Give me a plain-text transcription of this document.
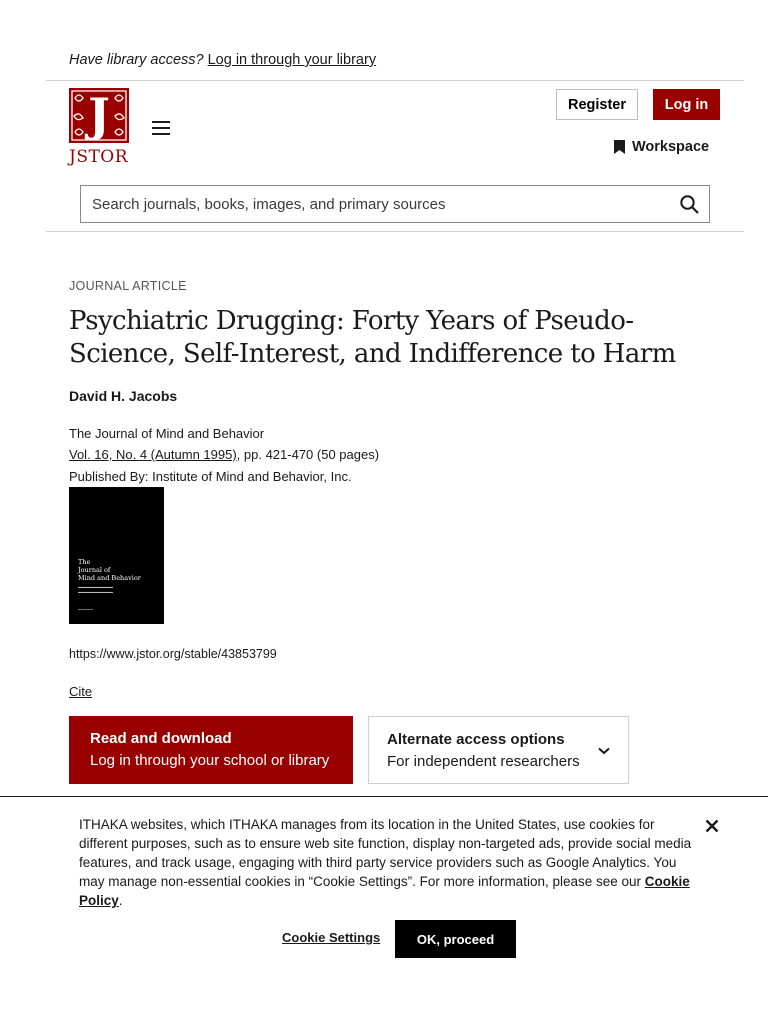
Have library access? Log in through your library
J
JSTOR
Register	Log in
Workspace
Search journals, books, images, and primary sources
JOURNAL ARTICLE
Psychiatric Drugging: Forty Years of Pseudo-Science, Self-Interest, and Indifference to Harm
David H. Jacobs
The Journal of Mind and Behavior
Vol. 16, No. 4 (Autumn 1995), pp. 421-470 (50 pages)
Published By: Institute of Mind and Behavior, Inc.
The
Journal of
Mind and Behavior
▬▬▬▬▬▬▬▬▬▬
▬▬▬▬▬▬▬▬▬▬
▬▬▬▬▬
https://www.jstor.org/stable/43853799
Cite
Read and download
Log in through your school or library
Alternate access options
For independent researchers
ITHAKA websites, which ITHAKA manages from its location in the United States, use cookies for different purposes, such as to ensure web site function, display non-targeted ads, provide social media features, and track usage, engaging with third party service providers such as Google Analytics. You may manage non-essential cookies in “Cookie Settings”. For more information, please see our Cookie Policy.
Cookie Settings	OK, proceed
